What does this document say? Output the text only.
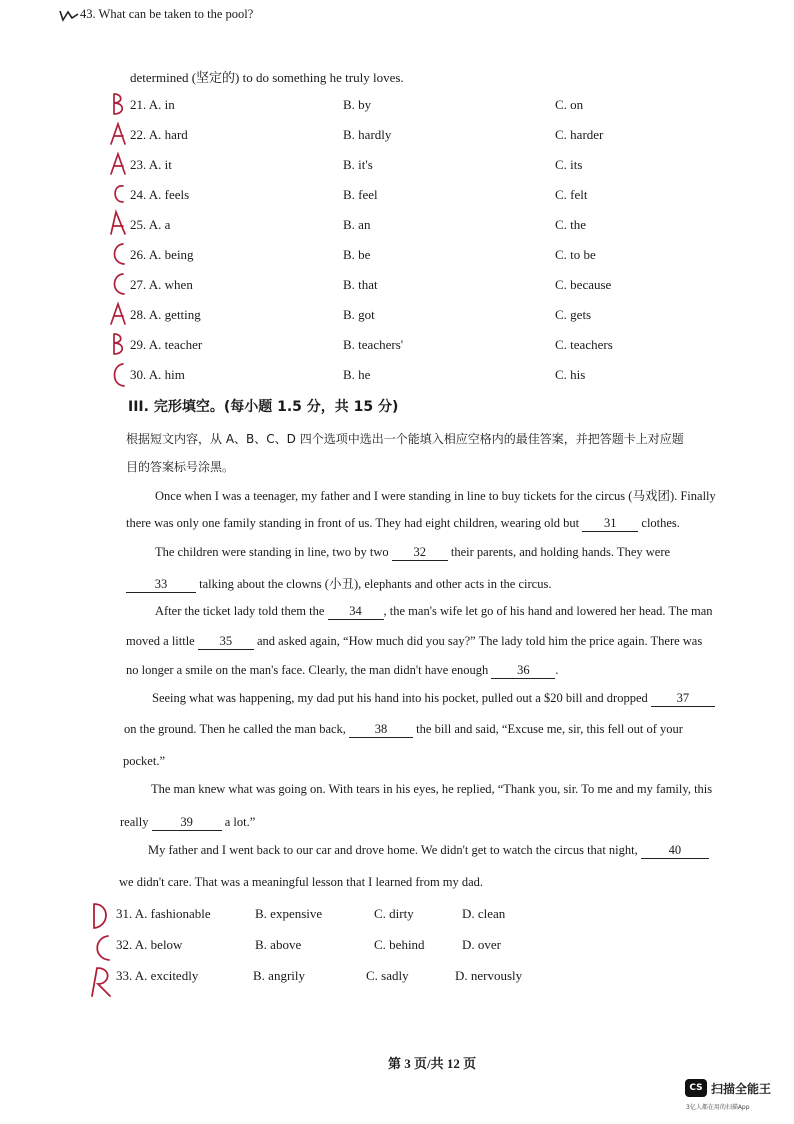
43. What can be taken to the pool?
determined (坚定的) to do something he truly loves.
21. A. in	B. by	C. on
22. A. hard	B. hardly	C. harder
23. A. it	B. it's	C. its
24. A. feels	B. feel	C. felt
25. A. a	B. an	C. the
26. A. being	B. be	C. to be
27. A. when	B. that	C. because
28. A. getting	B. got	C. gets
29. A. teacher	B. teachers'	C. teachers
30. A. him	B. he	C. his
III. 完形填空。(每小题 1.5 分，共 15 分)
根据短文内容，从 A、B、C、D 四个选项中选出一个能填入相应空格内的最佳答案，并把答题卡上对应题
目的答案标号涂黑。
Once when I was a teenager, my father and I were standing in line to buy tickets for the circus (马戏团). Finally
there was only one family standing in front of us. They had eight children, wearing old but 31 clothes.
The children were standing in line, two by two 32 their parents, and holding hands. They were
33 talking about the clowns (小丑), elephants and other acts in the circus.
After the ticket lady told them the 34 , the man's wife let go of his hand and lowered her head. The man
moved a little 35 and asked again, “How much did you say?” The lady told him the price again. There was
no longer a smile on the man's face. Clearly, the man didn't have enough 36 .
Seeing what was happening, my dad put his hand into his pocket, pulled out a $20 bill and dropped 37
on the ground. Then he called the man back, 38 the bill and said, “Excuse me, sir, this fell out of your
pocket.”
The man knew what was going on. With tears in his eyes, he replied, “Thank you, sir. To me and my family, this
really 39 a lot.”
My father and I went back to our car and drove home. We didn't get to watch the circus that night, 40
we didn't care. That was a meaningful lesson that I learned from my dad.
31. A. fashionable	B. expensive	C. dirty	D. clean
32. A. below	B. above	C. behind	D. over
33. A. excitedly	B. angrily	C. sadly	D. nervously
第 3 页/共 12 页
CS 扫描全能王
3亿人都在用的扫描App
